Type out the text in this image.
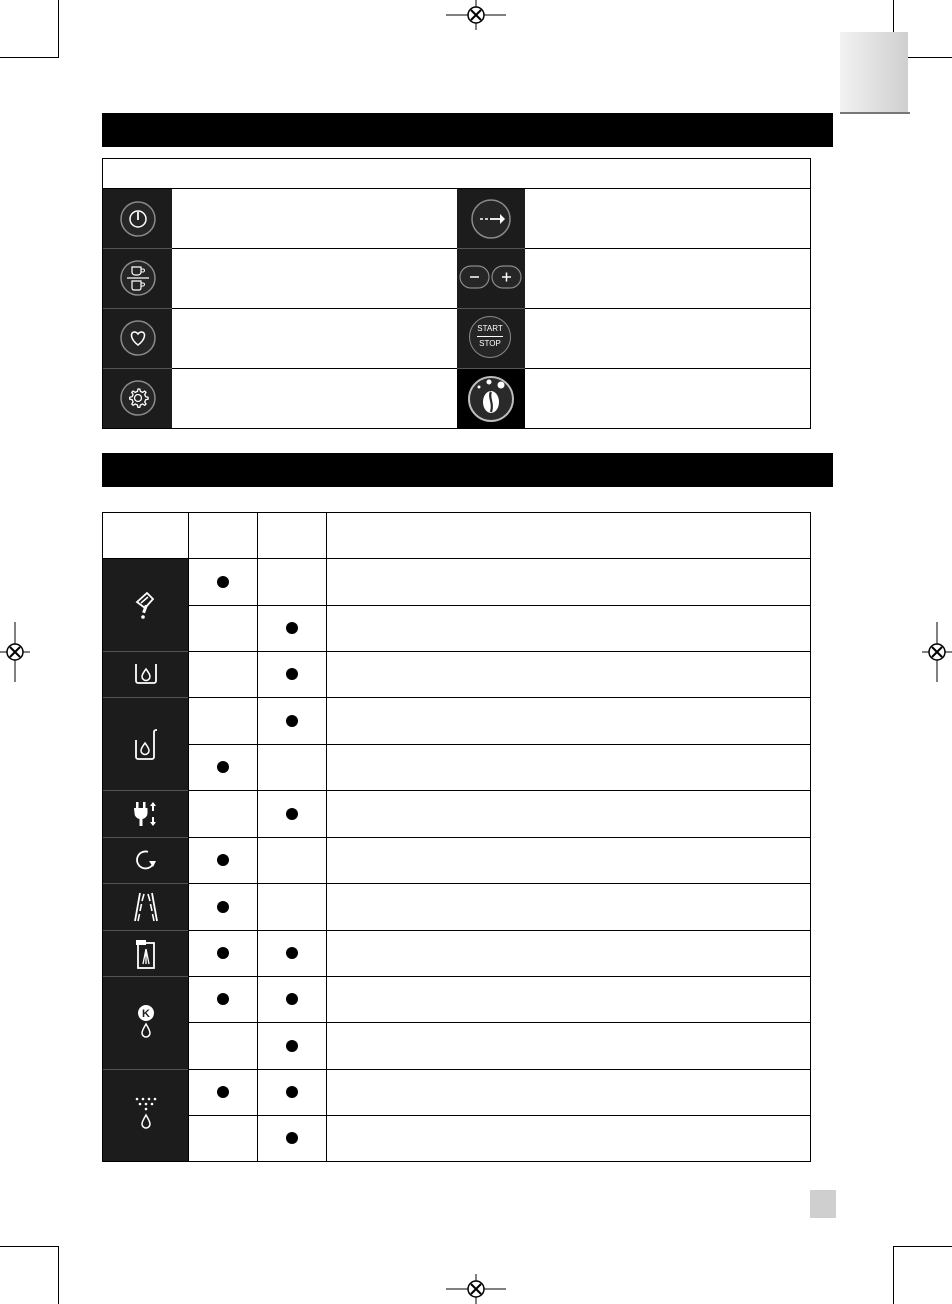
START
STOP
K
